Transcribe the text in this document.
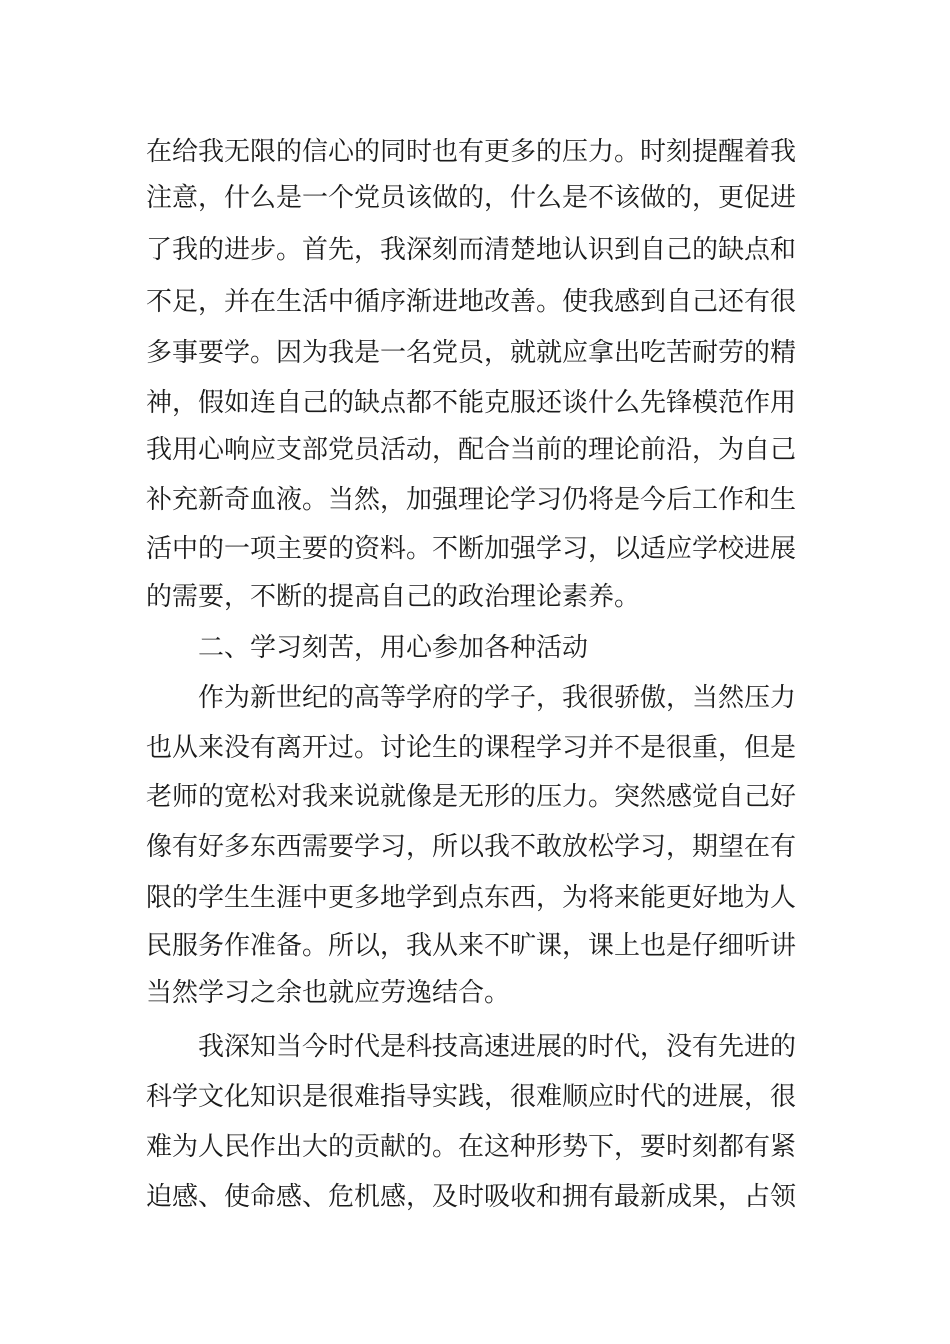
在给我无限的信心的同时也有更多的压力。时刻提醒着我
注意，什么是一个党员该做的，什么是不该做的，更促进
了我的进步。首先，我深刻而清楚地认识到自己的缺点和
不足，并在生活中循序渐进地改善。使我感到自己还有很
多事要学。因为我是一名党员，就就应拿出吃苦耐劳的精
神，假如连自己的缺点都不能克服还谈什么先锋模范作用
我用心响应支部党员活动，配合当前的理论前沿，为自己
补充新奇血液。当然，加强理论学习仍将是今后工作和生
活中的一项主要的资料。不断加强学习，以适应学校进展
的需要，不断的提高自己的政治理论素养。
二、学习刻苦，用心参加各种活动
作为新世纪的高等学府的学子，我很骄傲，当然压力
也从来没有离开过。讨论生的课程学习并不是很重，但是
老师的宽松对我来说就像是无形的压力。突然感觉自己好
像有好多东西需要学习，所以我不敢放松学习，期望在有
限的学生生涯中更多地学到点东西，为将来能更好地为人
民服务作准备。所以，我从来不旷课，课上也是仔细听讲
当然学习之余也就应劳逸结合。
我深知当今时代是科技高速进展的时代，没有先进的
科学文化知识是很难指导实践，很难顺应时代的进展，很
难为人民作出大的贡献的。在这种形势下，要时刻都有紧
迫感、使命感、危机感，及时吸收和拥有最新成果，占领
